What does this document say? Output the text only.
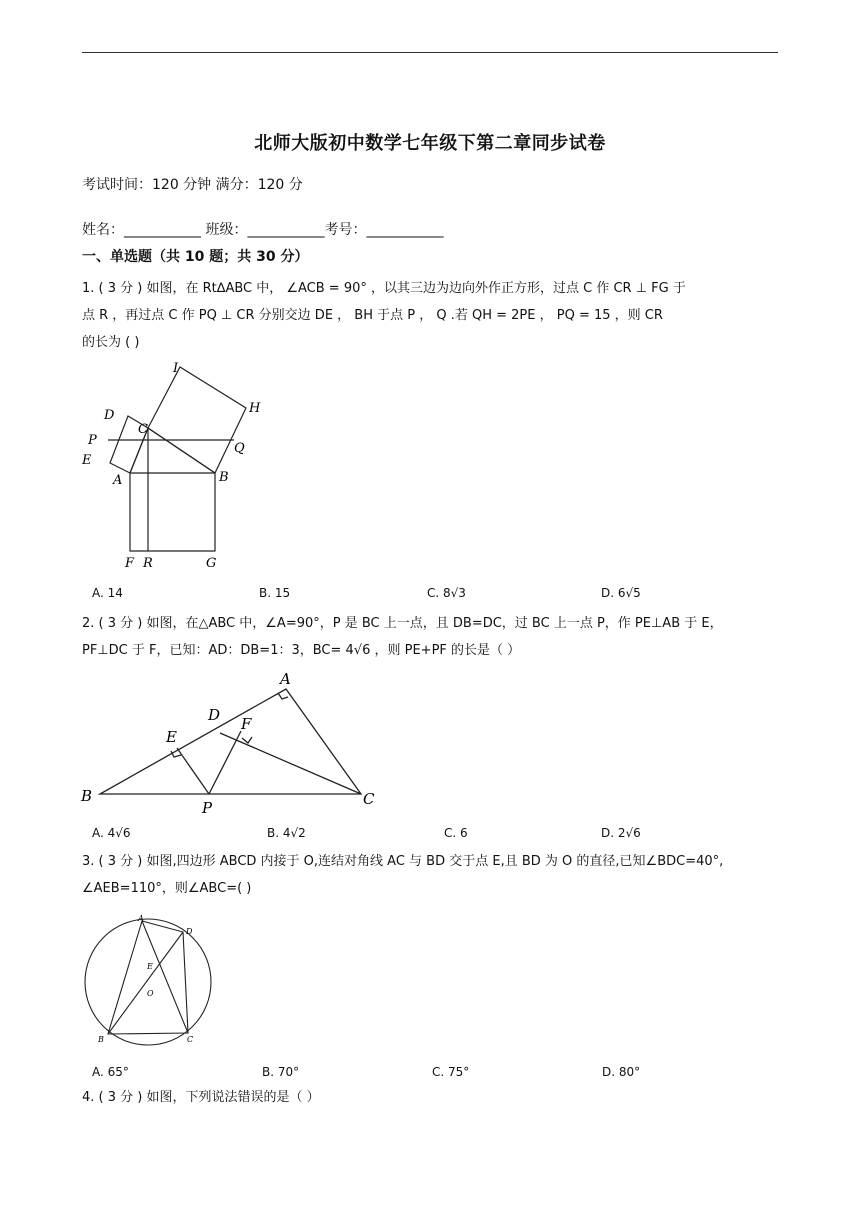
北师大版初中数学七年级下第二章同步试卷
考试时间：120 分钟 满分：120 分
姓名：___________ 班级：___________考号：___________
一、单选题（共 10 题；共 30 分）
1. ( 3 分 ) 如图，在 Rt∆ABC 中， ∠ACB = 90° ，以其三边为边向外作正方形，过点 C 作 CR ⊥ FG 于
点 R ，再过点 C 作 PQ ⊥ CR 分别交边 DE ， BH 于点 P ， Q .若 QH = 2PE ， PQ = 15 ，则 CR
的长为 ( )
I
H
D
C
Q
P
E
A	B
F R	G
A. 14	B. 15	C. 8√3	D. 6√5
2. ( 3 分 ) 如图，在△ABC 中，∠A=90°，P 是 BC 上一点，且 DB=DC，过 BC 上一点 P，作 PE⊥AB 于 E，
PF⊥DC 于 F，已知：AD：DB=1：3，BC= 4√6 ，则 PE+PF 的长是（ ）
A
D F
E
B
P	C
A. 4√6	B. 4√2	C. 6	D. 2√6
3. ( 3 分 ) 如图,四边形 ABCD 内接于 O,连结对角线 AC 与 BD 交于点 E,且 BD 为 O 的直径,已知∠BDC=40°,
∠AEB=110°，则∠ABC=( )
A
D
E
O
B	C
A. 65°	B. 70°	C. 75°	D. 80°
4. ( 3 分 ) 如图，下列说法错误的是（ ）
